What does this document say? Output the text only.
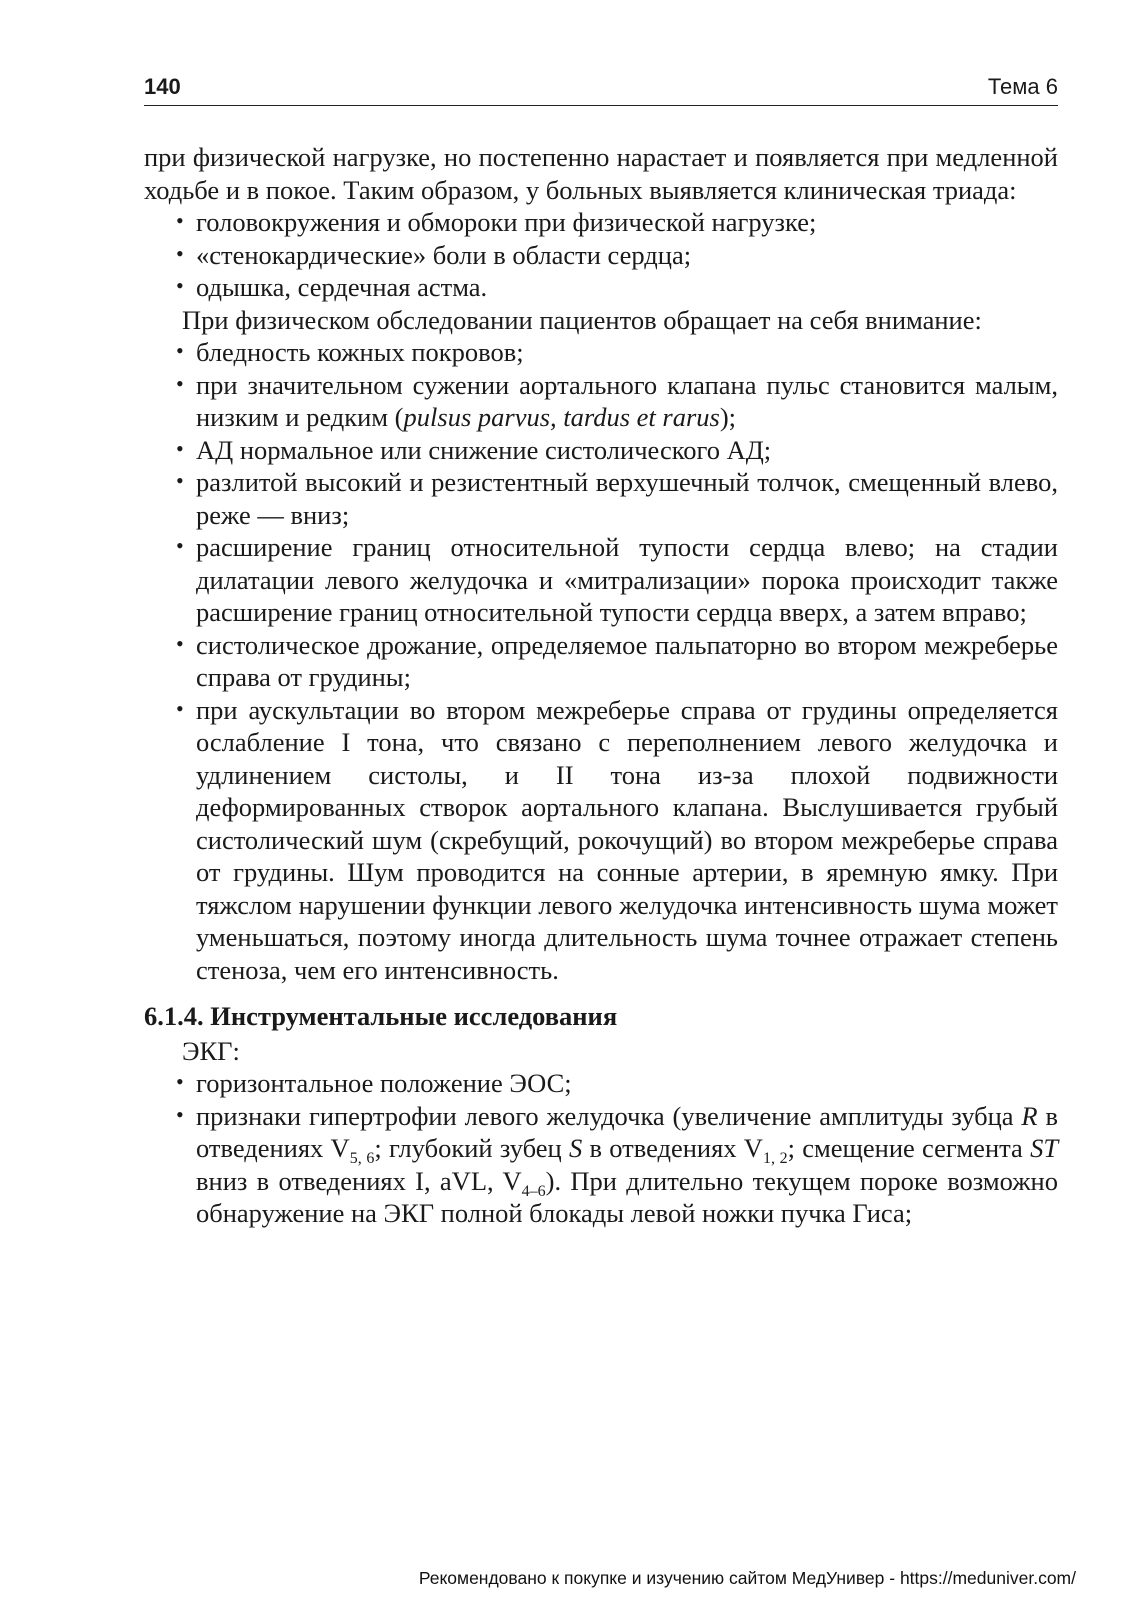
140	Тема 6

при физической нагрузке, но постепенно нарастает и появляется при медленной ходьбе и в покое. Таким образом, у больных выявляется клиническая триада:

• головокружения и обмороки при физической нагрузке;
• «стенокардические» боли в области сердца;
• одышка, сердечная астма.

При физическом обследовании пациентов обращает на себя внимание:

• бледность кожных покровов;
• при значительном сужении аортального клапана пульс становится малым, низким и редким (pulsus parvus, tardus et rarus);
• АД нормальное или снижение систолического АД;
• разлитой высокий и резистентный верхушечный толчок, смещенный влево, реже — вниз;
• расширение границ относительной тупости сердца влево; на стадии дилатации левого желудочка и «митрализации» порока происходит также расширение границ относительной тупости сердца вверх, а затем вправо;
• систолическое дрожание, определяемое пальпаторно во втором межреберье справа от грудины;
• при аускультации во втором межреберье справа от грудины определяется ослабление I тона, что связано с переполнением левого желудочка и удлинением систолы, и II тона из-за плохой подвижности деформированных створок аортального клапана. Выслушивается грубый систолический шум (скребущий, рокочущий) во втором межреберье справа от грудины. Шум проводится на сонные артерии, в яремную ямку. При тяжслом нарушении функции левого желудочка интенсивность шума может уменьшаться, поэтому иногда длительность шума точнее отражает степень стеноза, чем его интенсивность.

6.1.4. Инструментальные исследования

ЭКГ:

• горизонтальное положение ЭОС;
• признаки гипертрофии левого желудочка (увеличение амплитуды зубца R в отведениях $V_{5, 6}$; глубокий зубец S в отведениях $V_{1, 2}$; смещение сегмента ST вниз в отведениях I, aVL, $V_{4-6}$). При длительно текущем пороке возможно обнаружение на ЭКГ полной блокады левой ножки пучка Гиса;
Рекомендовано к покупке и изучению сайтом МедУнивер - https://meduniver.com/
